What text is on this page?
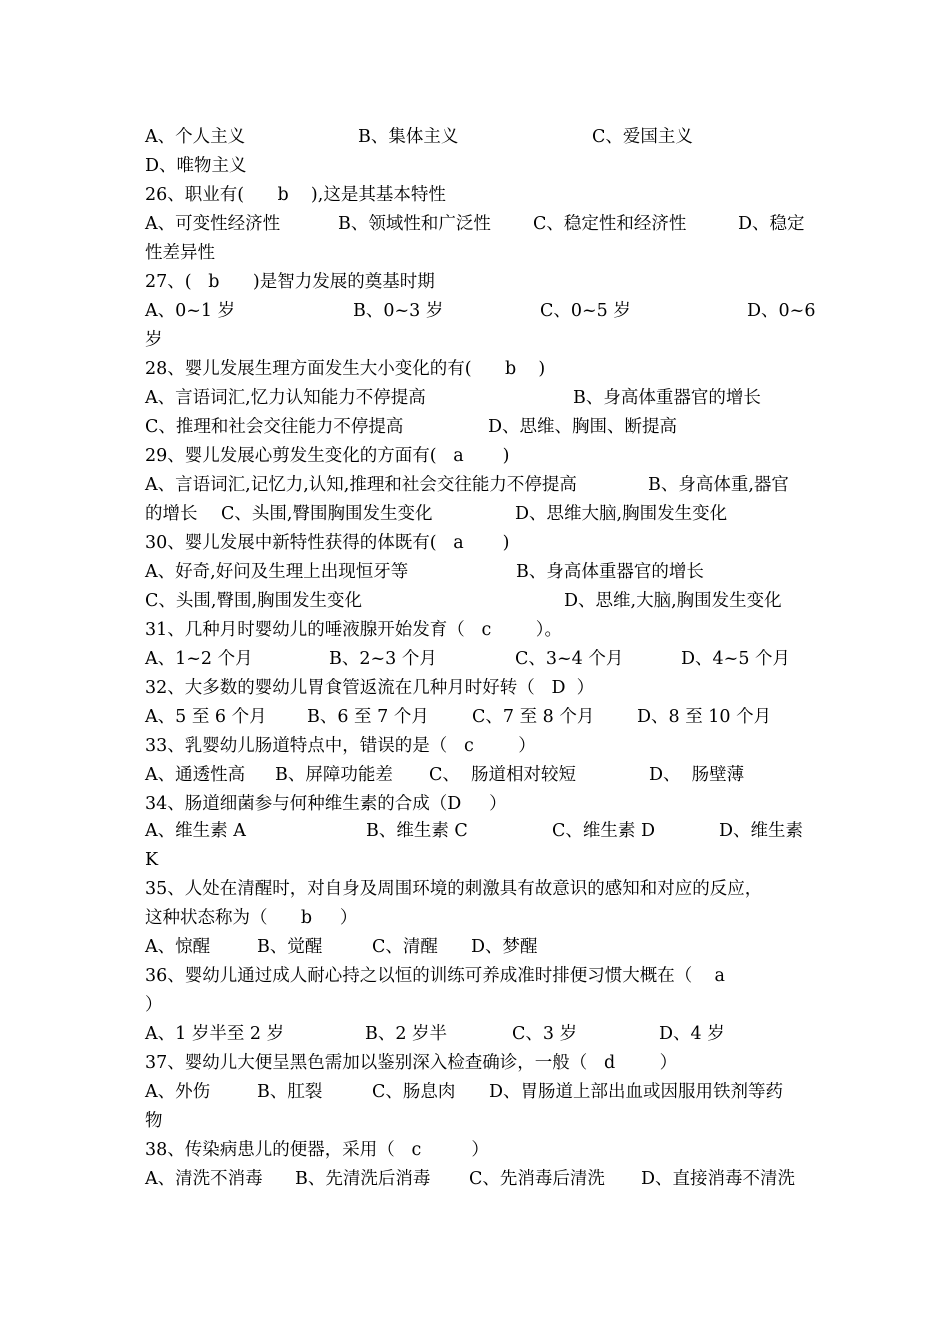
A、个人主义	B、集体主义	C、爱国主义
D、唯物主义
26、职业有(      b    ),这是其基本特性
A、可变性经济性	B、领域性和广泛性 C、稳定性和经济性	D、稳定
性差异性
27、(   b      )是智力发展的奠基时期
A、0~1 岁	B、0~3 岁	C、0~5 岁	D、0~6
岁
28、婴儿发展生理方面发生大小变化的有(      b    )
A、言语词汇,忆力认知能力不停提高	B、身高体重器官的增长
C、推理和社会交往能力不停提高	D、思维、胸围、断提高
29、婴儿发展心剪发生变化的方面有(   a       )
A、言语词汇,记忆力,认知,推理和社会交往能力不停提高	B、身高体重,器官
的增长 C、头围,臀围胸围发生变化	D、思维大脑,胸围发生变化
30、婴儿发展中新特性获得的体既有(   a       )
A、好奇,好问及生理上出现恒牙等	B、身高体重器官的增长
C、头围,臀围,胸围发生变化	D、思维,大脑,胸围发生变化
31、几种月时婴幼儿的唾液腺开始发育（   c        ）。
A、1~2 个月	B、2~3 个月	C、3~4 个月	D、4~5 个月
32、大多数的婴幼儿胃食管返流在几种月时好转（   D  ）
A、5 至 6 个月 B、6 至 7 个月 C、7 至 8 个月 D、8 至 10 个月
33、乳婴幼儿肠道特点中，错误的是（   c        ）
A、通透性高 B、屏障功能差 C、  肠道相对较短	D、  肠壁薄
34、肠道细菌参与何种维生素的合成（D     ）
A、维生素 A	B、维生素 C	C、维生素 D	D、维生素
K
35、人处在清醒时，对自身及周围环境的刺激具有故意识的感知和对应的反应，
这种状态称为（      b     ）
A、惊醒	B、觉醒	C、清醒 D、梦醒
36、婴幼儿通过成人耐心持之以恒的训练可养成准时排便习惯大概在（    a
）
A、1 岁半至 2 岁	B、2 岁半	C、3 岁	D、4 岁
37、婴幼儿大便呈黑色需加以鉴别深入检查确诊，一般（   d        ）
A、外伤	B、肛裂	C、肠息肉 D、胃肠道上部出血或因服用铁剂等药
物
38、传染病患儿的便器，采用（   c         ）
A、清洗不消毒 B、先清洗后消毒 C、先消毒后清洗 D、直接消毒不清洗
